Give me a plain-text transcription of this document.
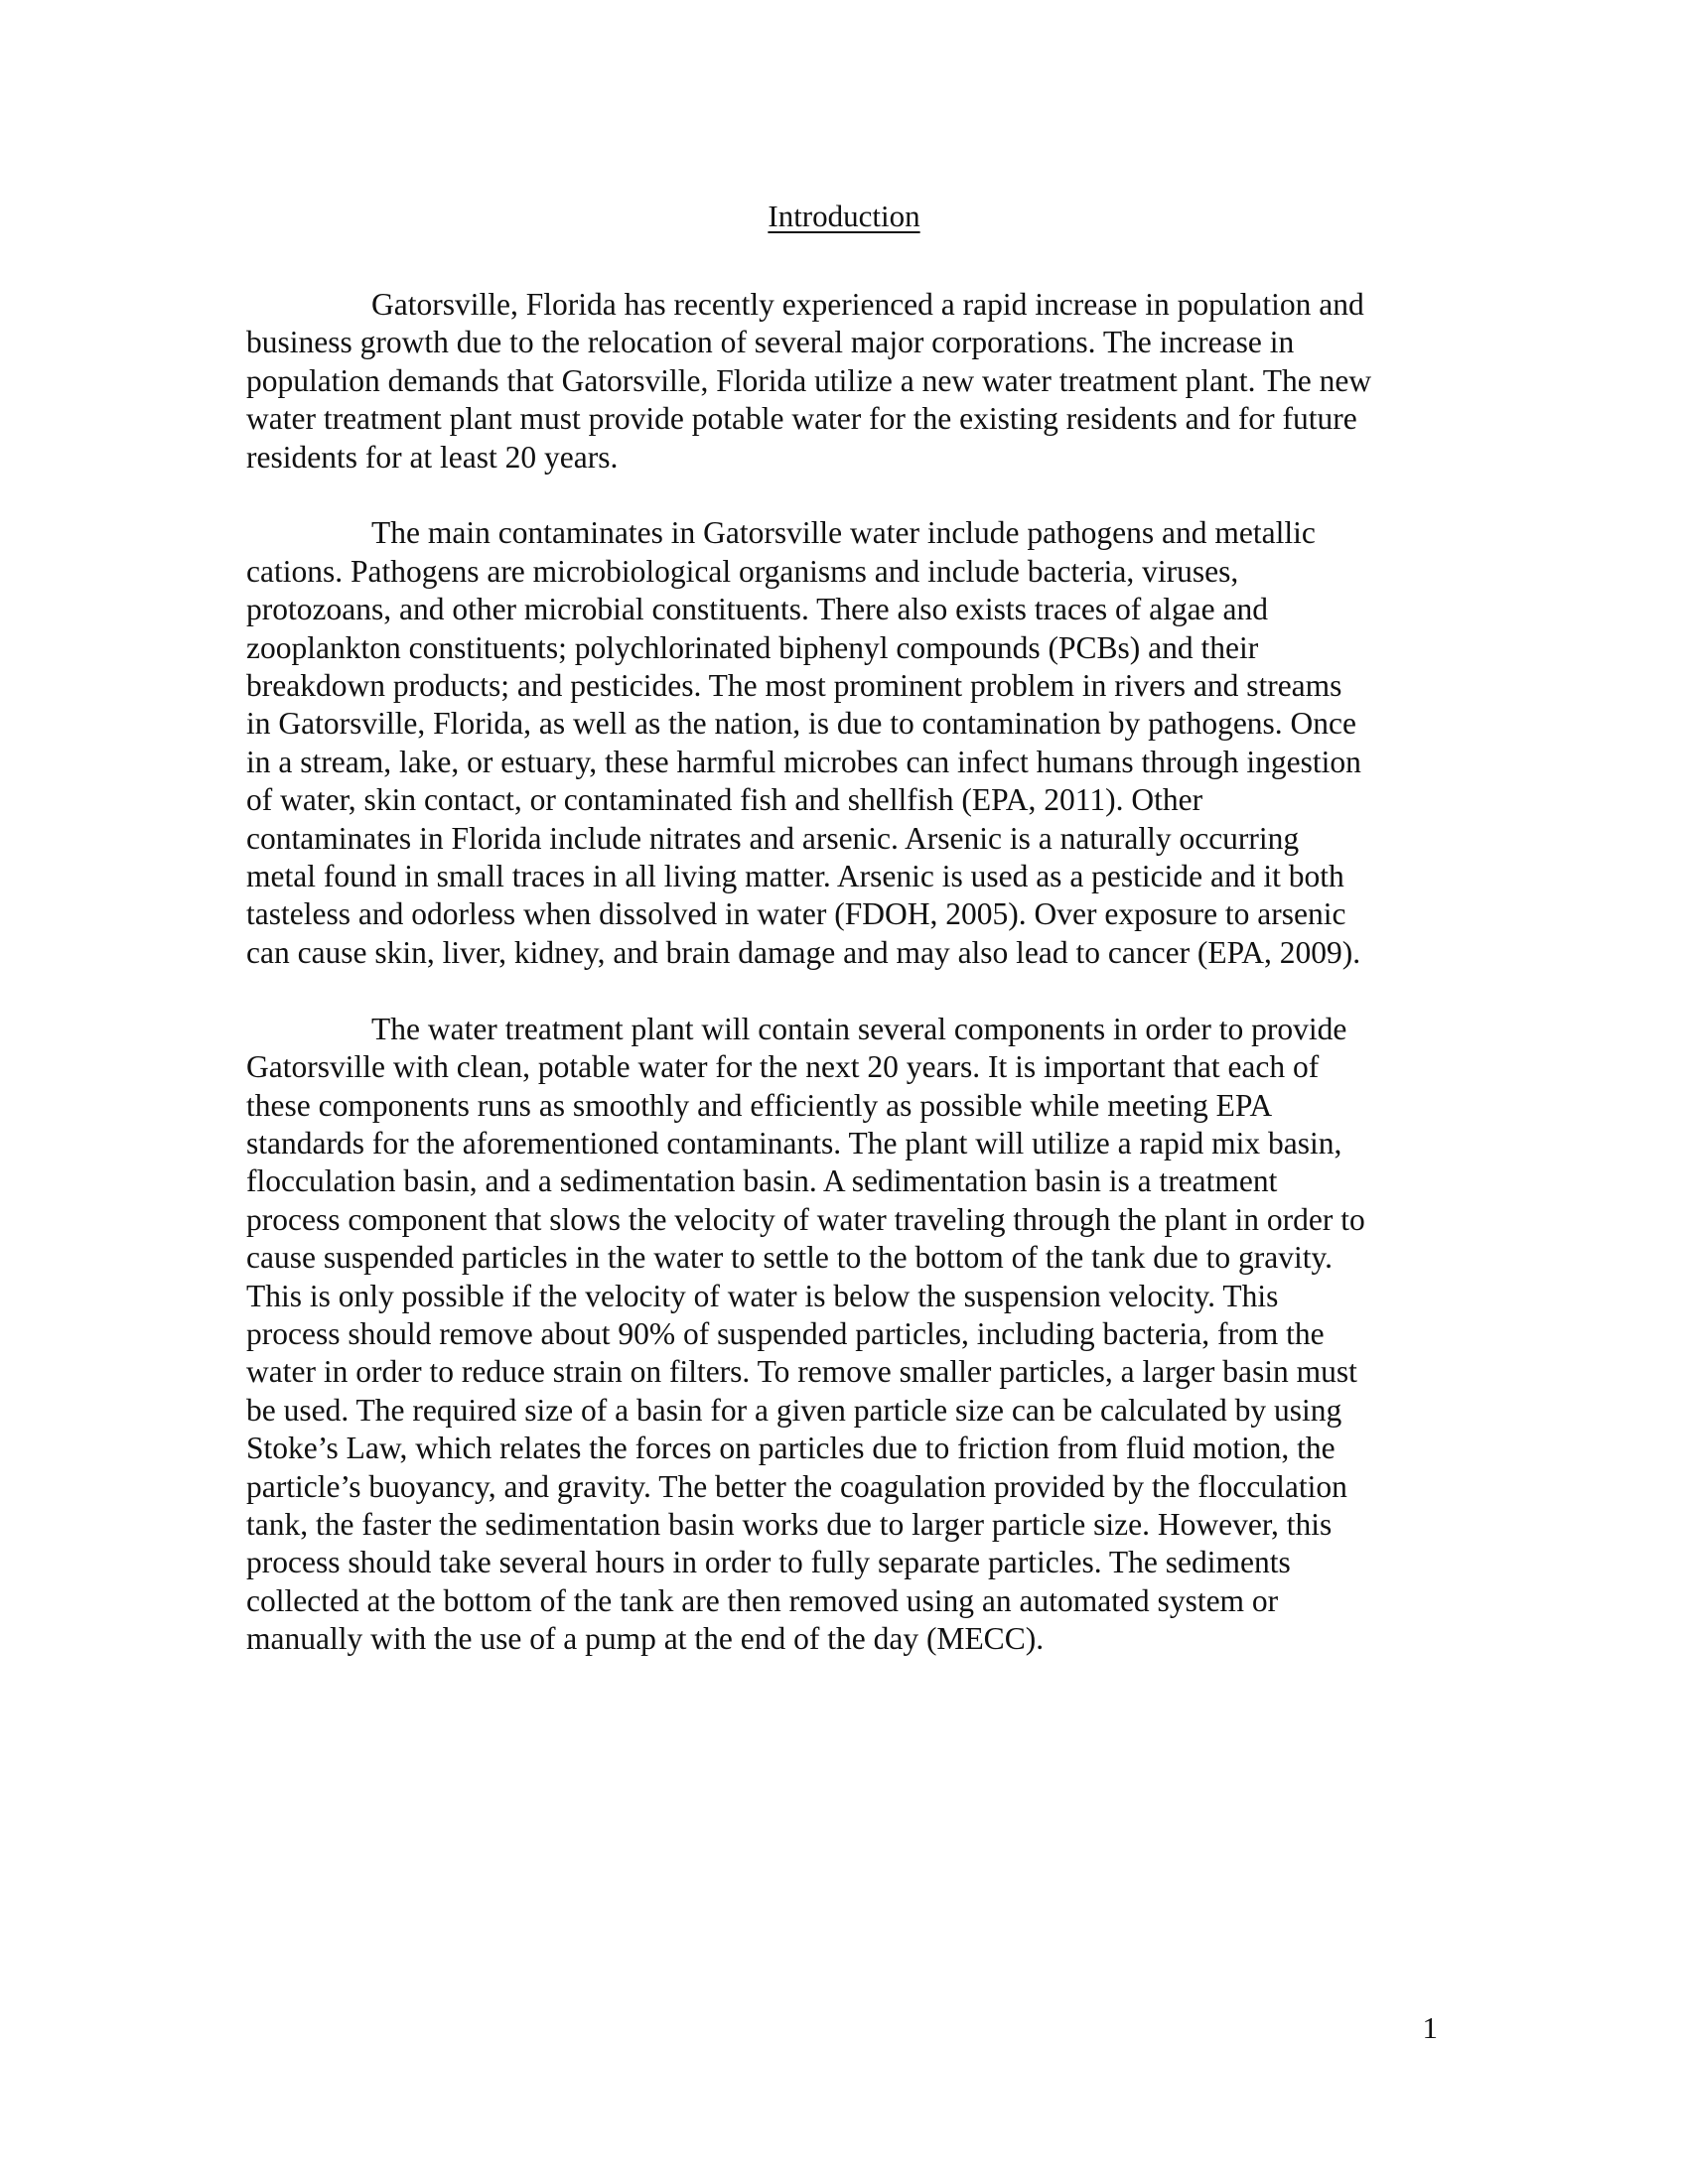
Introduction

Gatorsville, Florida has recently experienced a rapid increase in population and
business growth due to the relocation of several major corporations. The increase in
population demands that Gatorsville, Florida utilize a new water treatment plant. The new
water treatment plant must provide potable water for the existing residents and for future
residents for at least 20 years.

The main contaminates in Gatorsville water include pathogens and metallic
cations. Pathogens are microbiological organisms and include bacteria, viruses,
protozoans, and other microbial constituents. There also exists traces of algae and
zooplankton constituents; polychlorinated biphenyl compounds (PCBs) and their
breakdown products; and pesticides. The most prominent problem in rivers and streams
in Gatorsville, Florida, as well as the nation, is due to contamination by pathogens. Once
in a stream, lake, or estuary, these harmful microbes can infect humans through ingestion
of water, skin contact, or contaminated fish and shellfish (EPA, 2011). Other
contaminates in Florida include nitrates and arsenic. Arsenic is a naturally occurring
metal found in small traces in all living matter. Arsenic is used as a pesticide and it both
tasteless and odorless when dissolved in water (FDOH, 2005). Over exposure to arsenic
can cause skin, liver, kidney, and brain damage and may also lead to cancer (EPA, 2009).

The water treatment plant will contain several components in order to provide
Gatorsville with clean, potable water for the next 20 years. It is important that each of
these components runs as smoothly and efficiently as possible while meeting EPA
standards for the aforementioned contaminants. The plant will utilize a rapid mix basin,
flocculation basin, and a sedimentation basin. A sedimentation basin is a treatment
process component that slows the velocity of water traveling through the plant in order to
cause suspended particles in the water to settle to the bottom of the tank due to gravity.
This is only possible if the velocity of water is below the suspension velocity. This
process should remove about 90% of suspended particles, including bacteria, from the
water in order to reduce strain on filters. To remove smaller particles, a larger basin must
be used. The required size of a basin for a given particle size can be calculated by using
Stoke’s Law, which relates the forces on particles due to friction from fluid motion, the
particle’s buoyancy, and gravity. The better the coagulation provided by the flocculation
tank, the faster the sedimentation basin works due to larger particle size. However, this
process should take several hours in order to fully separate particles. The sediments
collected at the bottom of the tank are then removed using an automated system or
manually with the use of a pump at the end of the day (MECC).

1
